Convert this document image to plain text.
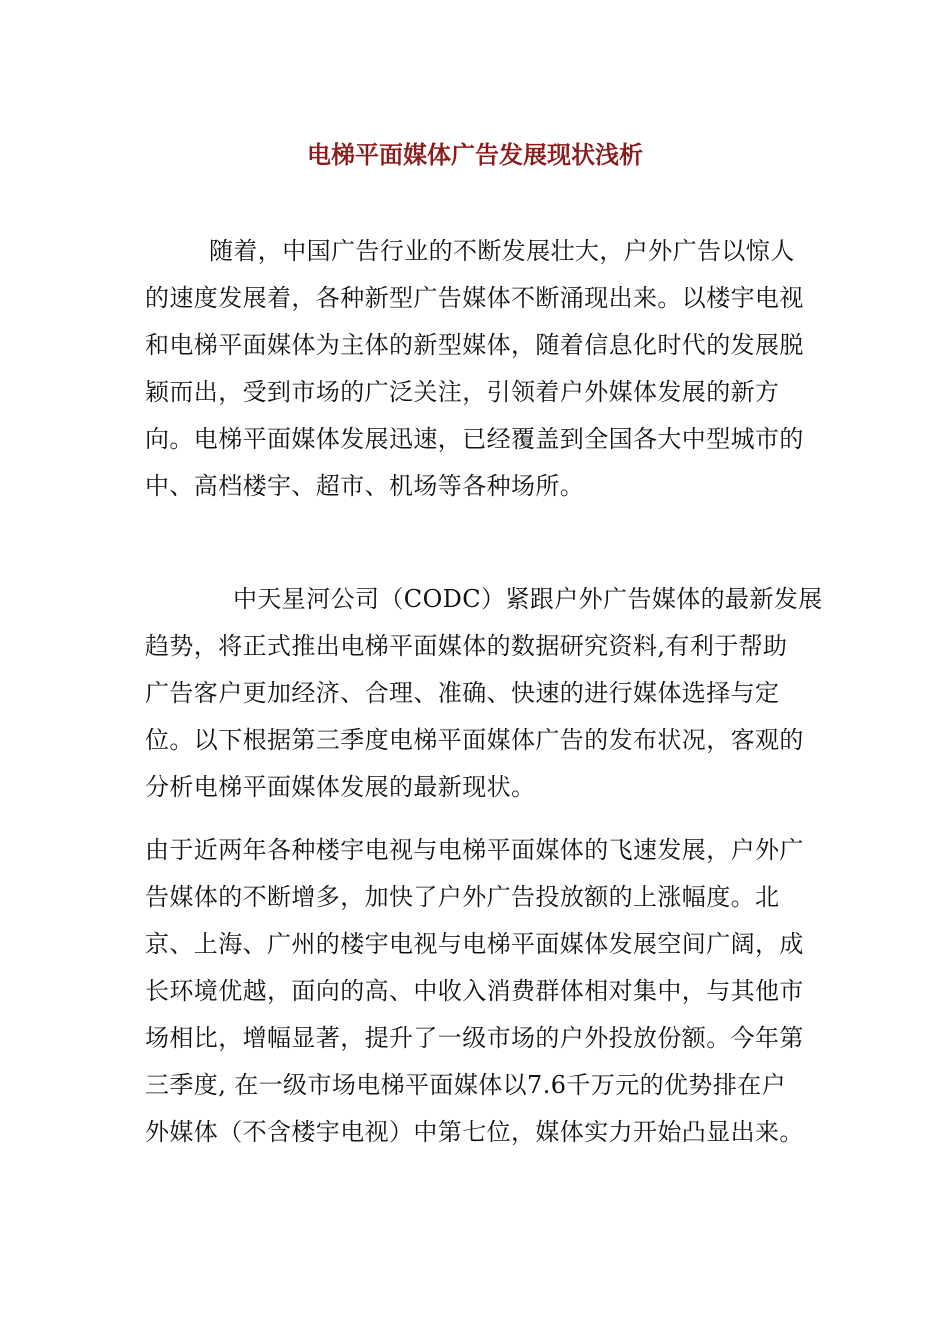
电梯平面媒体广告发展现状浅析
随着，中国广告行业的不断发展壮大，户外广告以惊人
的速度发展着，各种新型广告媒体不断涌现出来。以楼宇电视
和电梯平面媒体为主体的新型媒体，随着信息化时代的发展脱
颖而出，受到市场的广泛关注，引领着户外媒体发展的新方
向。电梯平面媒体发展迅速，已经覆盖到全国各大中型城市的
中、高档楼宇、超市、机场等各种场所。
中天星河公司（CODC）紧跟户外广告媒体的最新发展
趋势，将正式推出电梯平面媒体的数据研究资料,有利于帮助
广告客户更加经济、合理、准确、快速的进行媒体选择与定
位。以下根据第三季度电梯平面媒体广告的发布状况，客观的
分析电梯平面媒体发展的最新现状。
由于近两年各种楼宇电视与电梯平面媒体的飞速发展，户外广
告媒体的不断增多，加快了户外广告投放额的上涨幅度。北
京、上海、广州的楼宇电视与电梯平面媒体发展空间广阔，成
长环境优越，面向的高、中收入消费群体相对集中，与其他市
场相比，增幅显著，提升了一级市场的户外投放份额。今年第
三季度, 在一级市场电梯平面媒体以7.6千万元的优势排在户
外媒体（不含楼宇电视）中第七位，媒体实力开始凸显出来。
